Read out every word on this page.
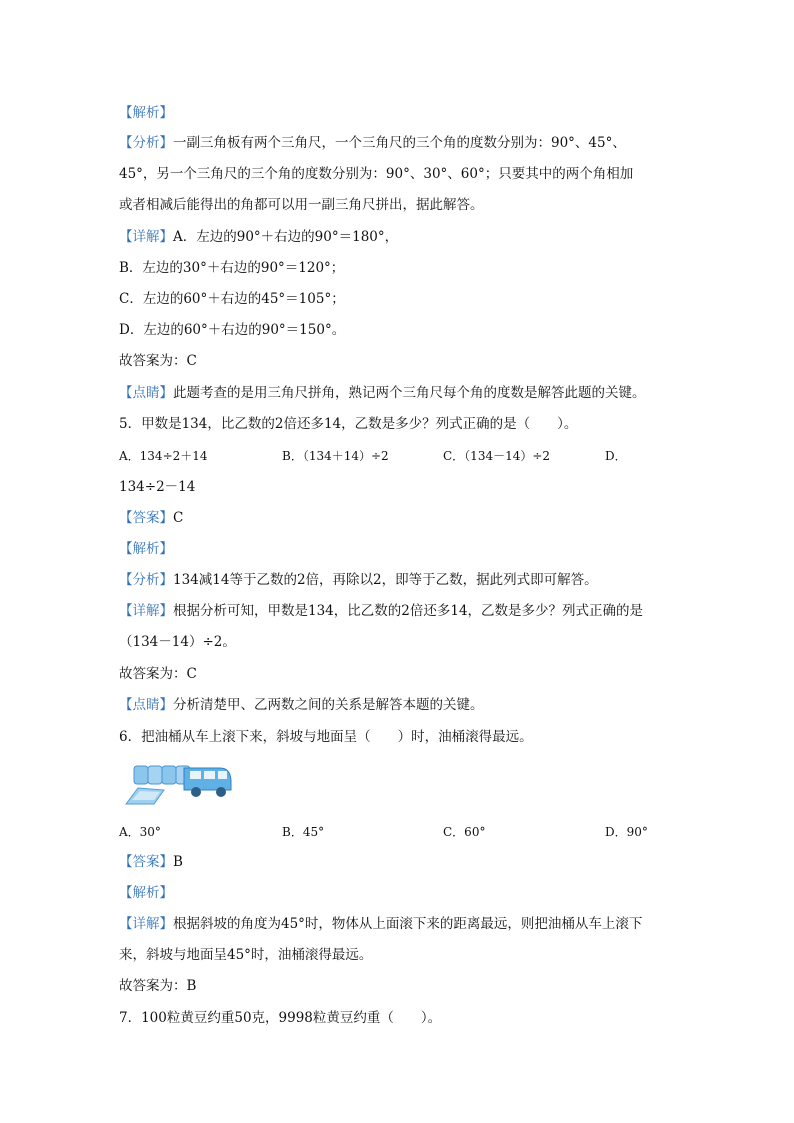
【解析】
【分析】一副三角板有两个三角尺，一个三角尺的三个角的度数分别为：90°、45°、
45°，另一个三角尺的三个角的度数分别为：90°、30°、60°；只要其中的两个角相加
或者相减后能得出的角都可以用一副三角尺拼出，据此解答。
【详解】A．左边的90°＋右边的90°＝180°，
B．左边的30°＋右边的90°＝120°；
C．左边的60°＋右边的45°＝105°；
D．左边的60°＋右边的90°＝150°。
故答案为：C
【点睛】此题考查的是用三角尺拼角，熟记两个三角尺每个角的度数是解答此题的关键。
5．甲数是134，比乙数的2倍还多14，乙数是多少？列式正确的是（　　）。
A．134÷2＋14	B．（134＋14）÷2	C．（134－14）÷2	D．
134÷2－14
【答案】C
【解析】
【分析】134减14等于乙数的2倍，再除以2，即等于乙数，据此列式即可解答。
【详解】根据分析可知，甲数是134，比乙数的2倍还多14，乙数是多少？列式正确的是
（134－14）÷2。
故答案为：C
【点睛】分析清楚甲、乙两数之间的关系是解答本题的关键。
6．把油桶从车上滚下来，斜坡与地面呈（　　）时，油桶滚得最远。
A．30°	B．45°	C．60°	D．90°
【答案】B
【解析】
【详解】根据斜坡的角度为45°时，物体从上面滚下来的距离最远，则把油桶从车上滚下
来，斜坡与地面呈45°时，油桶滚得最远。
故答案为：B
7．100粒黄豆约重50克，9998粒黄豆约重（　　）。
